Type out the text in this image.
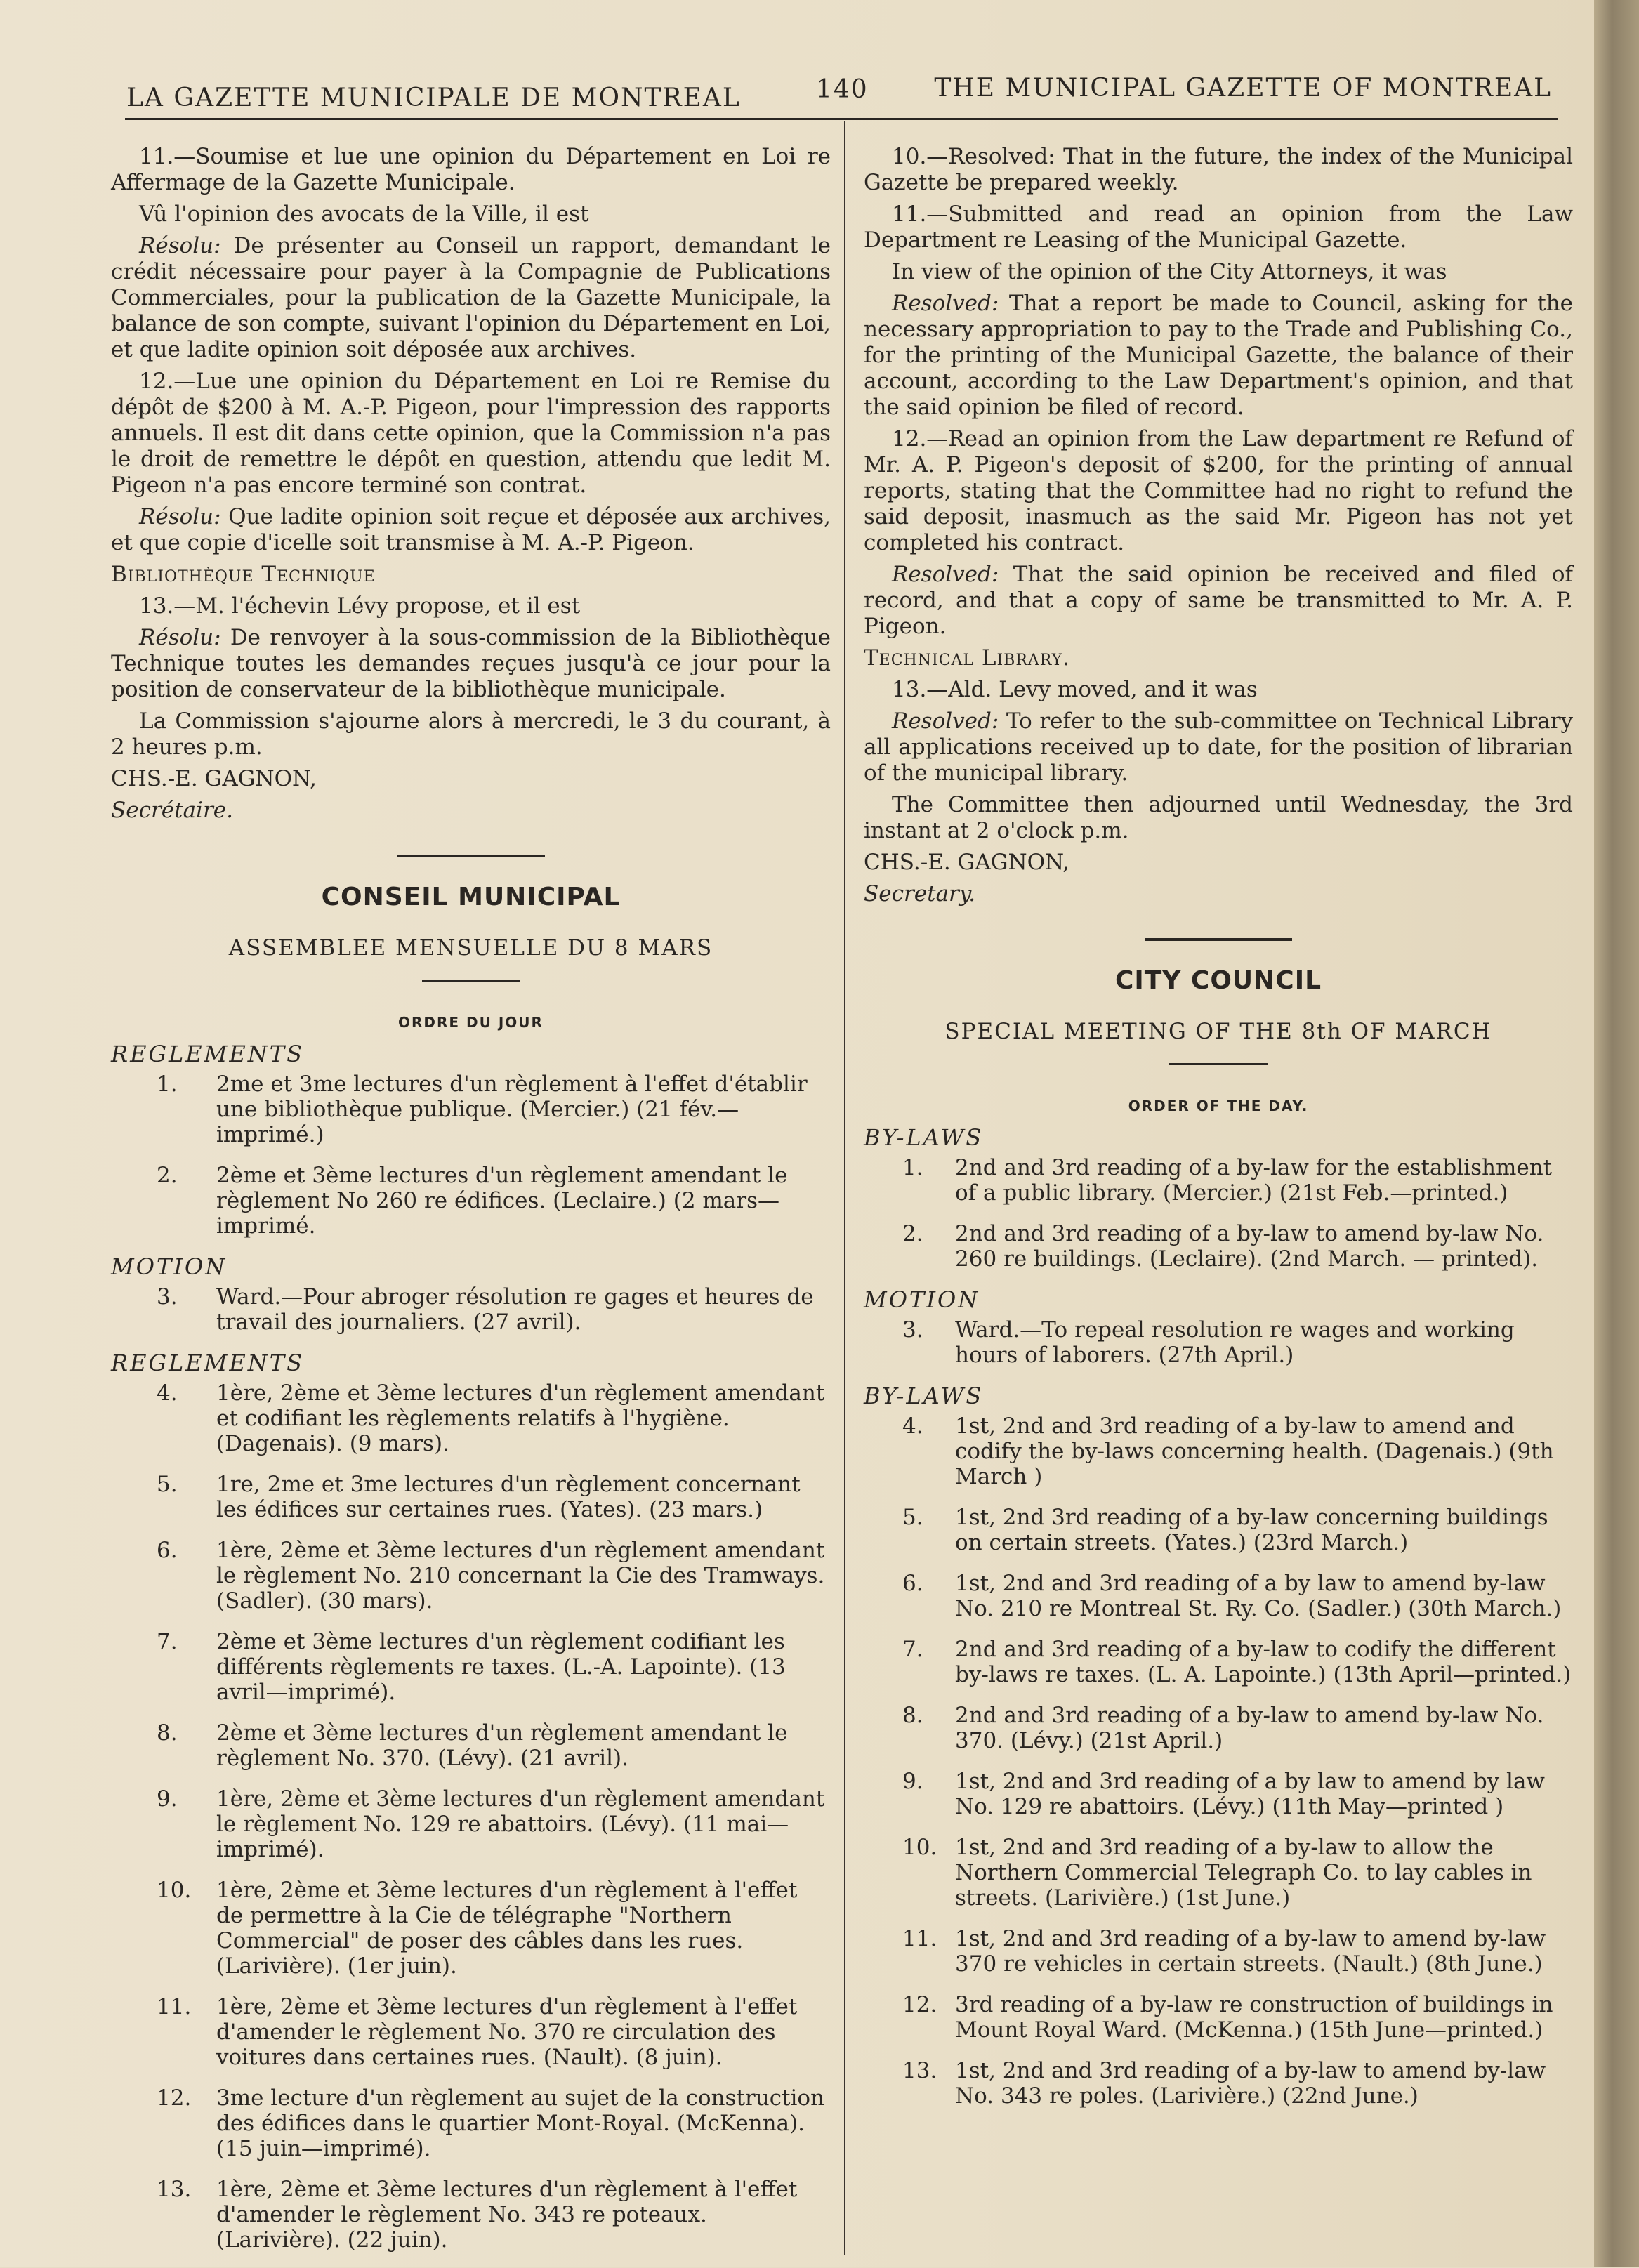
LA GAZETTE MUNICIPALE DE MONTREAL	140	THE MUNICIPAL GAZETTE OF MONTREAL

11.—Soumise et lue une opinion du Département en Loi re Affermage de la Gazette Municipale.

Vû l'opinion des avocats de la Ville, il est

Résolu: De présenter au Conseil un rapport, demandant le crédit nécessaire pour payer à la Compagnie de Publications Commerciales, pour la publication de la Gazette Municipale, la balance de son compte, suivant l'opinion du Département en Loi, et que ladite opinion soit déposée aux archives.

12.—Lue une opinion du Département en Loi re Remise du dépôt de $200 à M. A.-P. Pigeon, pour l'impression des rapports annuels. Il est dit dans cette opinion, que la Commission n'a pas le droit de remettre le dépôt en question, attendu que ledit M. Pigeon n'a pas encore terminé son contrat.

Résolu: Que ladite opinion soit reçue et déposée aux archives, et que copie d'icelle soit transmise à M. A.-P. Pigeon.

Bibliothèque Technique

13.—M. l'échevin Lévy propose, et il est

Résolu: De renvoyer à la sous-commission de la Bibliothèque Technique toutes les demandes reçues jusqu'à ce jour pour la position de conservateur de la bibliothèque municipale.

La Commission s'ajourne alors à mercredi, le 3 du courant, à 2 heures p.m.

CHS.-E. GAGNON,

Secrétaire.

CONSEIL MUNICIPAL
ASSEMBLEE MENSUELLE DU 8 MARS
ORDRE DU JOUR
REGLEMENTS
1. 2me et 3me lectures d'un règlement à l'effet d'établir une bibliothèque publique. (Mercier.) (21 fév.—imprimé.)
2. 2ème et 3ème lectures d'un règlement amendant le règlement No 260 re édifices. (Leclaire.) (2 mars—imprimé.
MOTION
3. Ward.—Pour abroger résolution re gages et heures de travail des journaliers. (27 avril).
REGLEMENTS
4. 1ère, 2ème et 3ème lectures d'un règlement amendant et codifiant les règlements relatifs à l'hygiène. (Dagenais). (9 mars).
5. 1re, 2me et 3me lectures d'un règlement concernant les édifices sur certaines rues. (Yates). (23 mars.)
6. 1ère, 2ème et 3ème lectures d'un règlement amendant le règlement No. 210 concernant la Cie des Tramways. (Sadler). (30 mars).
7. 2ème et 3ème lectures d'un règlement codifiant les différents règlements re taxes. (L.-A. Lapointe). (13 avril—imprimé).
8. 2ème et 3ème lectures d'un règlement amendant le règlement No. 370. (Lévy). (21 avril).
9. 1ère, 2ème et 3ème lectures d'un règlement amendant le règlement No. 129 re abattoirs. (Lévy). (11 mai—imprimé).
10. 1ère, 2ème et 3ème lectures d'un règlement à l'effet de permettre à la Cie de télégraphe "Northern Commercial" de poser des câbles dans les rues. (Larivière). (1er juin).
11. 1ère, 2ème et 3ème lectures d'un règlement à l'effet d'amender le règlement No. 370 re circulation des voitures dans certaines rues. (Nault). (8 juin).
12. 3me lecture d'un règlement au sujet de la construction des édifices dans le quartier Mont-Royal. (McKenna). (15 juin—imprimé).
13. 1ère, 2ème et 3ème lectures d'un règlement à l'effet d'amender le règlement No. 343 re poteaux. (Larivière). (22 juin).

10.—Resolved: That in the future, the index of the Municipal Gazette be prepared weekly.

11.—Submitted and read an opinion from the Law Department re Leasing of the Municipal Gazette.

In view of the opinion of the City Attorneys, it was

Resolved: That a report be made to Council, asking for the necessary appropriation to pay to the Trade and Publishing Co., for the printing of the Municipal Gazette, the balance of their account, according to the Law Department's opinion, and that the said opinion be filed of record.

12.—Read an opinion from the Law department re Refund of Mr. A. P. Pigeon's deposit of $200, for the printing of annual reports, stating that the Committee had no right to refund the said deposit, inasmuch as the said Mr. Pigeon has not yet completed his contract.

Resolved: That the said opinion be received and filed of record, and that a copy of same be transmitted to Mr. A. P. Pigeon.

Technical Library.

13.—Ald. Levy moved, and it was

Resolved: To refer to the sub-committee on Technical Library all applications received up to date, for the position of librarian of the municipal library.

The Committee then adjourned until Wednesday, the 3rd instant at 2 o'clock p.m.

CHS.-E. GAGNON,

Secretary.

CITY COUNCIL
SPECIAL MEETING OF THE 8th OF MARCH
ORDER OF THE DAY.
BY-LAWS
1. 2nd and 3rd reading of a by-law for the establishment of a public library. (Mercier.) (21st Feb.—printed.)
2. 2nd and 3rd reading of a by-law to amend by-law No. 260 re buildings. (Leclaire). (2nd March. — printed).
MOTION
3. Ward.—To repeal resolution re wages and working hours of laborers. (27th April.)
BY-LAWS
4. 1st, 2nd and 3rd reading of a by-law to amend and codify the by-laws concerning health. (Dagenais.) (9th March )
5. 1st, 2nd 3rd reading of a by-law concerning buildings on certain streets. (Yates.) (23rd March.)
6. 1st, 2nd and 3rd reading of a by law to amend by-law No. 210 re Montreal St. Ry. Co. (Sadler.) (30th March.)
7. 2nd and 3rd reading of a by-law to codify the different by-laws re taxes. (L. A. Lapointe.) (13th April—printed.)
8. 2nd and 3rd reading of a by-law to amend by-law No. 370. (Lévy.) (21st April.)
9. 1st, 2nd and 3rd reading of a by law to amend by law No. 129 re abattoirs. (Lévy.) (11th May—printed )
10. 1st, 2nd and 3rd reading of a by-law to allow the Northern Commercial Telegraph Co. to lay cables in streets. (Larivière.) (1st June.)
11. 1st, 2nd and 3rd reading of a by-law to amend by-law 370 re vehicles in certain streets. (Nault.) (8th June.)
12. 3rd reading of a by-law re construction of buildings in Mount Royal Ward. (McKenna.) (15th June—printed.)
13. 1st, 2nd and 3rd reading of a by-law to amend by-law No. 343 re poles. (Larivière.) (22nd June.)
